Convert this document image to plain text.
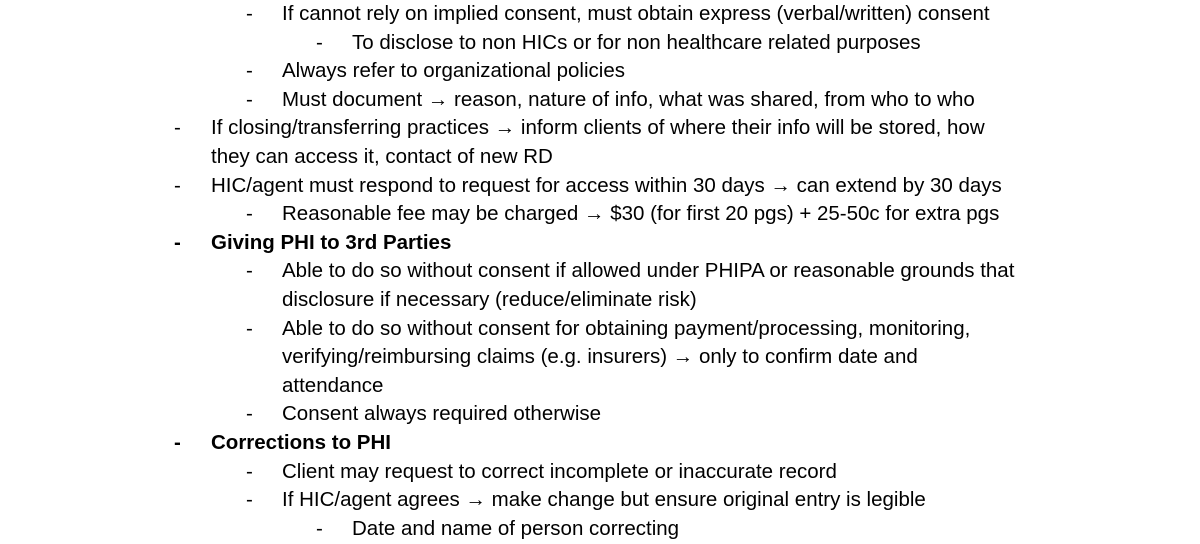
- If cannot rely on implied consent, must obtain express (verbal/written) consent
- To disclose to non HICs or for non healthcare related purposes
- Always refer to organizational policies
- Must document → reason, nature of info, what was shared, from who to who
- If closing/transferring practices → inform clients of where their info will be stored, how
they can access it, contact of new RD
- HIC/agent must respond to request for access within 30 days → can extend by 30 days
- Reasonable fee may be charged → $30 (for first 20 pgs) + 25-50c for extra pgs
- Giving PHI to 3rd Parties
- Able to do so without consent if allowed under PHIPA or reasonable grounds that
disclosure if necessary (reduce/eliminate risk)
- Able to do so without consent for obtaining payment/processing, monitoring,
verifying/reimbursing claims (e.g. insurers) → only to confirm date and
attendance
- Consent always required otherwise
- Corrections to PHI
- Client may request to correct incomplete or inaccurate record
- If HIC/agent agrees → make change but ensure original entry is legible
- Date and name of person correcting
